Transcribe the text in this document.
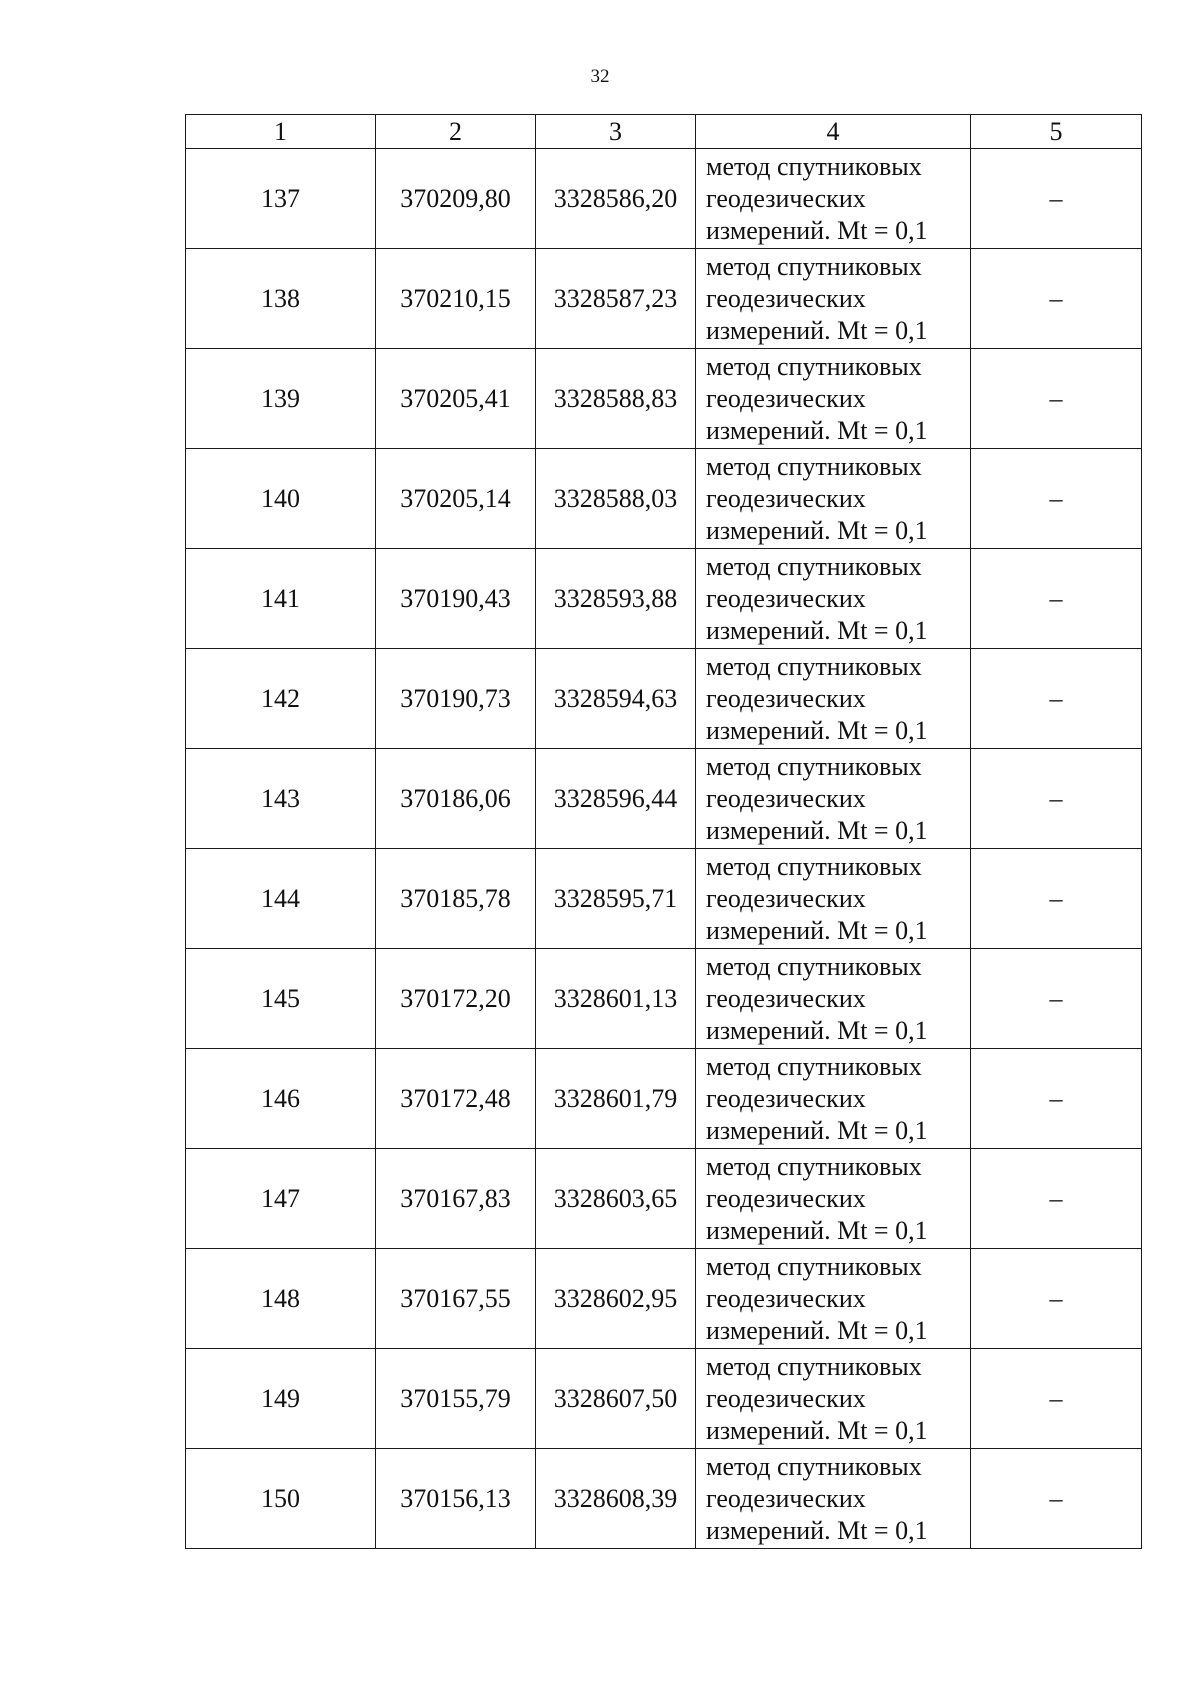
32
1	2	3	4	5
137	370209,80	3328586,20	метод спутниковых
геодезических
измерений. Mt = 0,1	–
138	370210,15	3328587,23	метод спутниковых
геодезических
измерений. Mt = 0,1	–
139	370205,41	3328588,83	метод спутниковых
геодезических
измерений. Mt = 0,1	–
140	370205,14	3328588,03	метод спутниковых
геодезических
измерений. Mt = 0,1	–
141	370190,43	3328593,88	метод спутниковых
геодезических
измерений. Mt = 0,1	–
142	370190,73	3328594,63	метод спутниковых
геодезических
измерений. Mt = 0,1	–
143	370186,06	3328596,44	метод спутниковых
геодезических
измерений. Mt = 0,1	–
144	370185,78	3328595,71	метод спутниковых
геодезических
измерений. Mt = 0,1	–
145	370172,20	3328601,13	метод спутниковых
геодезических
измерений. Mt = 0,1	–
146	370172,48	3328601,79	метод спутниковых
геодезических
измерений. Mt = 0,1	–
147	370167,83	3328603,65	метод спутниковых
геодезических
измерений. Mt = 0,1	–
148	370167,55	3328602,95	метод спутниковых
геодезических
измерений. Mt = 0,1	–
149	370155,79	3328607,50	метод спутниковых
геодезических
измерений. Mt = 0,1	–
150	370156,13	3328608,39	метод спутниковых
геодезических
измерений. Mt = 0,1	–
